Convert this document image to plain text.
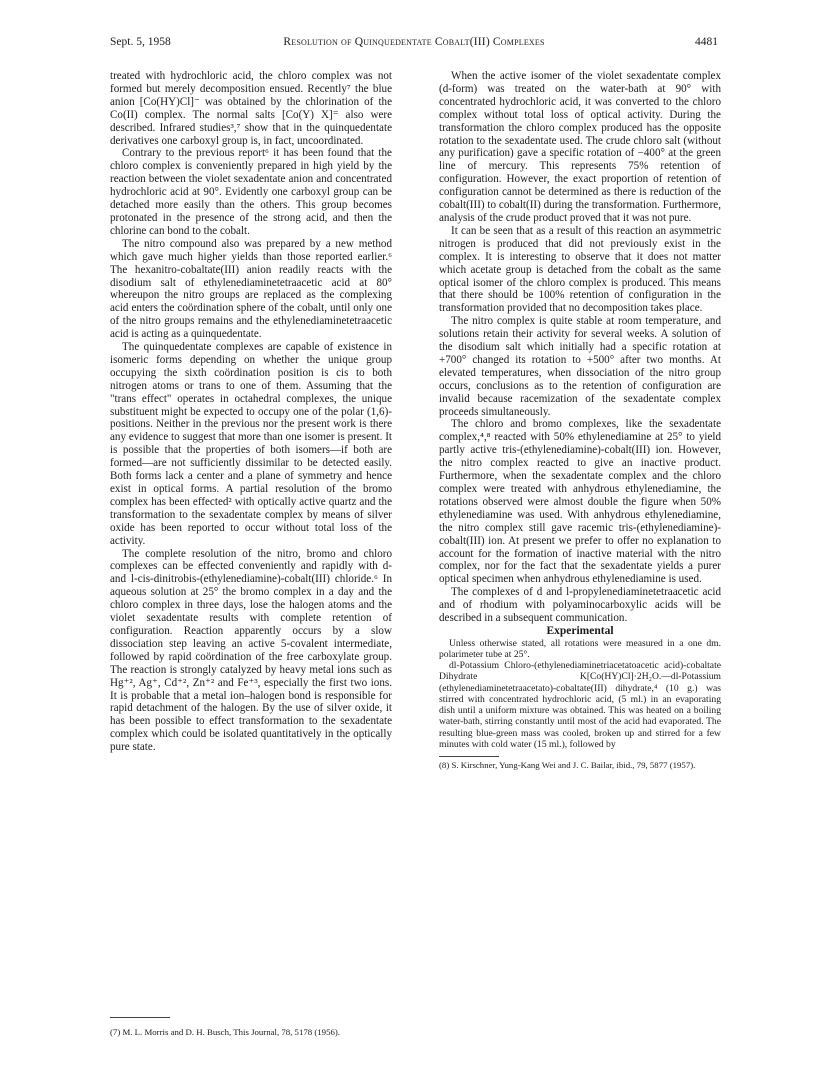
Sept. 5, 1958	Resolution of Quinquedentate Cobalt(III) Complexes	4481

treated with hydrochloric acid, the chloro complex was not formed but merely decomposition ensued. Recently⁷ the blue anion [Co(HY)Cl]⁻ was obtained by the chlorination of the Co(II) complex. The normal salts [Co(Y) X]⁼ also were described. Infrared studies³,⁷ show that in the quinquedentate derivatives one carboxyl group is, in fact, uncoordinated.

Contrary to the previous report⁶ it has been found that the chloro complex is conveniently prepared in high yield by the reaction between the violet sexadentate anion and concentrated hydrochloric acid at 90°. Evidently one carboxyl group can be detached more easily than the others. This group becomes protonated in the presence of the strong acid, and then the chlorine can bond to the cobalt.

The nitro compound also was prepared by a new method which gave much higher yields than those reported earlier.⁶ The hexanitro-cobaltate(III) anion readily reacts with the disodium salt of ethylenediaminetetraacetic acid at 80° whereupon the nitro groups are replaced as the complexing acid enters the coördination sphere of the cobalt, until only one of the nitro groups remains and the ethylenediaminetetraacetic acid is acting as a quinquedentate.

The quinquedentate complexes are capable of existence in isomeric forms depending on whether the unique group occupying the sixth coördination position is cis to both nitrogen atoms or trans to one of them. Assuming that the "trans effect" operates in octahedral complexes, the unique substituent might be expected to occupy one of the polar (1,6)-positions. Neither in the previous nor the present work is there any evidence to suggest that more than one isomer is present. It is possible that the properties of both isomers—if both are formed—are not sufficiently dissimilar to be detected easily. Both forms lack a center and a plane of symmetry and hence exist in optical forms. A partial resolution of the bromo complex has been effected² with optically active quartz and the transformation to the sexadentate complex by means of silver oxide has been reported to occur without total loss of the activity.

The complete resolution of the nitro, bromo and chloro complexes can be effected conveniently and rapidly with d- and l-cis-dinitrobis-(ethylenediamine)-cobalt(III) chloride.⁶ In aqueous solution at 25° the bromo complex in a day and the chloro complex in three days, lose the halogen atoms and the violet sexadentate results with complete retention of configuration. Reaction apparently occurs by a slow dissociation step leaving an active 5-covalent intermediate, followed by rapid coördination of the free carboxylate group. The reaction is strongly catalyzed by heavy metal ions such as Hg⁺², Ag⁺, Cd⁺², Zn⁺² and Fe⁺³, especially the first two ions. It is probable that a metal ion–halogen bond is responsible for rapid detachment of the halogen. By the use of silver oxide, it has been possible to effect transformation to the sexadentate complex which could be isolated quantitatively in the optically pure state.

(7) M. L. Morris and D. H. Busch, This Journal, 78, 5178 (1956).

When the active isomer of the violet sexadentate complex (d-form) was treated on the water-bath at 90° with concentrated hydrochloric acid, it was converted to the chloro complex without total loss of optical activity. During the transformation the chloro complex produced has the opposite rotation to the sexadentate used. The crude chloro salt (without any purification) gave a specific rotation of −400° at the green line of mercury. This represents 75% retention of configuration. However, the exact proportion of retention of configuration cannot be determined as there is reduction of the cobalt(III) to cobalt(II) during the transformation. Furthermore, analysis of the crude product proved that it was not pure.

It can be seen that as a result of this reaction an asymmetric nitrogen is produced that did not previously exist in the complex. It is interesting to observe that it does not matter which acetate group is detached from the cobalt as the same optical isomer of the chloro complex is produced. This means that there should be 100% retention of configuration in the transformation provided that no decomposition takes place.

The nitro complex is quite stable at room temperature, and solutions retain their activity for several weeks. A solution of the disodium salt which initially had a specific rotation at +700° changed its rotation to +500° after two months. At elevated temperatures, when dissociation of the nitro group occurs, conclusions as to the retention of configuration are invalid because racemization of the sexadentate complex proceeds simultaneously.

The chloro and bromo complexes, like the sexadentate complex,⁴,⁸ reacted with 50% ethylenediamine at 25° to yield partly active tris-(ethylenediamine)-cobalt(III) ion. However, the nitro complex reacted to give an inactive product. Furthermore, when the sexadentate complex and the chloro complex were treated with anhydrous ethylenediamine, the rotations observed were almost double the figure when 50% ethylenediamine was used. With anhydrous ethylenediamine, the nitro complex still gave racemic tris-(ethylenediamine)-cobalt(III) ion. At present we prefer to offer no explanation to account for the formation of inactive material with the nitro complex, nor for the fact that the sexadentate yields a purer optical specimen when anhydrous ethylenediamine is used.

The complexes of d and l-propylenediaminetetraacetic acid and of rhodium with polyaminocarboxylic acids will be described in a subsequent communication.

Experimental

Unless otherwise stated, all rotations were measured in a one dm. polarimeter tube at 25°.

dl-Potassium Chloro-(ethylenediaminetriacetatoacetic acid)-cobaltate Dihydrate K[Co(HY)Cl]·2H₂O.—dl-Potassium (ethylenediaminetetraacetato)-cobaltate(III) dihydrate,⁴ (10 g.) was stirred with concentrated hydrochloric acid, (5 ml.) in an evaporating dish until a uniform mixture was obtained. This was heated on a boiling water-bath, stirring constantly until most of the acid had evaporated. The resulting blue-green mass was cooled, broken up and stirred for a few minutes with cold water (15 ml.), followed by

(8) S. Kirschner, Yung-Kang Wei and J. C. Bailar, ibid., 79, 5877 (1957).
